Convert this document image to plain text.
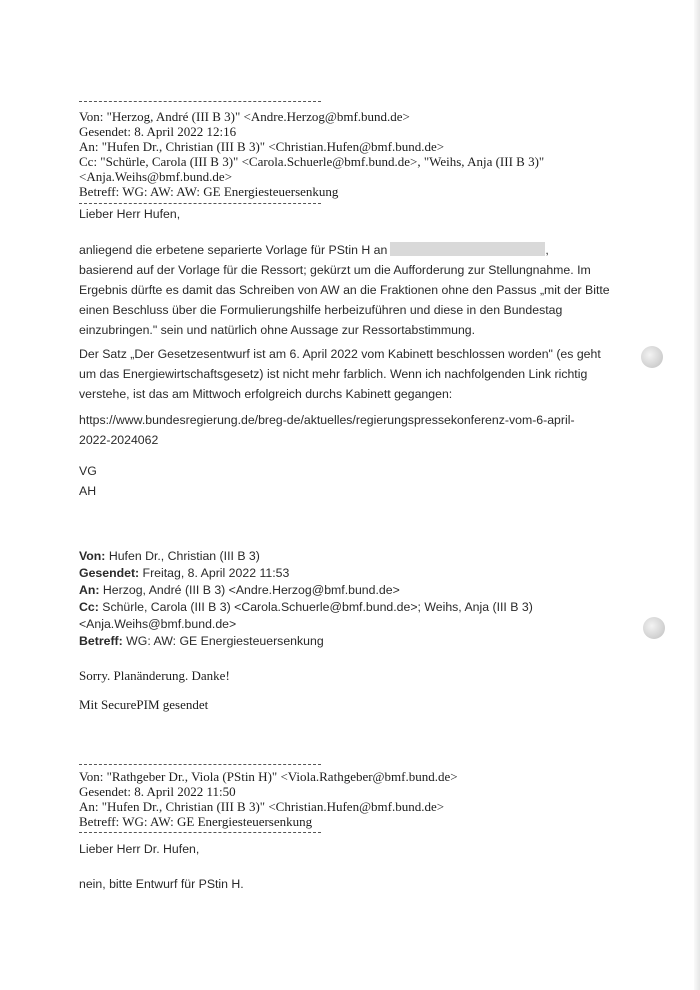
Von: "Herzog, André (III B 3)" <Andre.Herzog@bmf.bund.de>
Gesendet: 8. April 2022 12:16
An: "Hufen Dr., Christian (III B 3)" <Christian.Hufen@bmf.bund.de>
Cc: "Schürle, Carola (III B 3)" <Carola.Schuerle@bmf.bund.de>, "Weihs, Anja (III B 3)"
<Anja.Weihs@bmf.bund.de>
Betreff: WG: AW: AW: GE Energiesteuersenkung
Lieber Herr Hufen,
anliegend die erbetene separierte Vorlage für PStin H an	,
basierend auf der Vorlage für die Ressort; gekürzt um die Aufforderung zur Stellungnahme. Im
Ergebnis dürfte es damit das Schreiben von AW an die Fraktionen ohne den Passus „mit der Bitte
einen Beschluss über die Formulierungshilfe herbeizuführen und diese in den Bundestag
einzubringen." sein und natürlich ohne Aussage zur Ressortabstimmung.
Der Satz „Der Gesetzesentwurf ist am 6. April 2022 vom Kabinett beschlossen worden" (es geht
um das Energiewirtschaftsgesetz) ist nicht mehr farblich. Wenn ich nachfolgenden Link richtig
verstehe, ist das am Mittwoch erfolgreich durchs Kabinett gegangen:
https://www.bundesregierung.de/breg-de/aktuelles/regierungspressekonferenz-vom-6-april-
2022-2024062
VG
AH
Von: Hufen Dr., Christian (III B 3)
Gesendet: Freitag, 8. April 2022 11:53
An: Herzog, André (III B 3) <Andre.Herzog@bmf.bund.de>
Cc: Schürle, Carola (III B 3) <Carola.Schuerle@bmf.bund.de>; Weihs, Anja (III B 3)
<Anja.Weihs@bmf.bund.de>
Betreff: WG: AW: GE Energiesteuersenkung
Sorry. Planänderung. Danke!
Mit SecurePIM gesendet
Von: "Rathgeber Dr., Viola (PStin H)" <Viola.Rathgeber@bmf.bund.de>
Gesendet: 8. April 2022 11:50
An: "Hufen Dr., Christian (III B 3)" <Christian.Hufen@bmf.bund.de>
Betreff: WG: AW: GE Energiesteuersenkung
Lieber Herr Dr. Hufen,
nein, bitte Entwurf für PStin H.
